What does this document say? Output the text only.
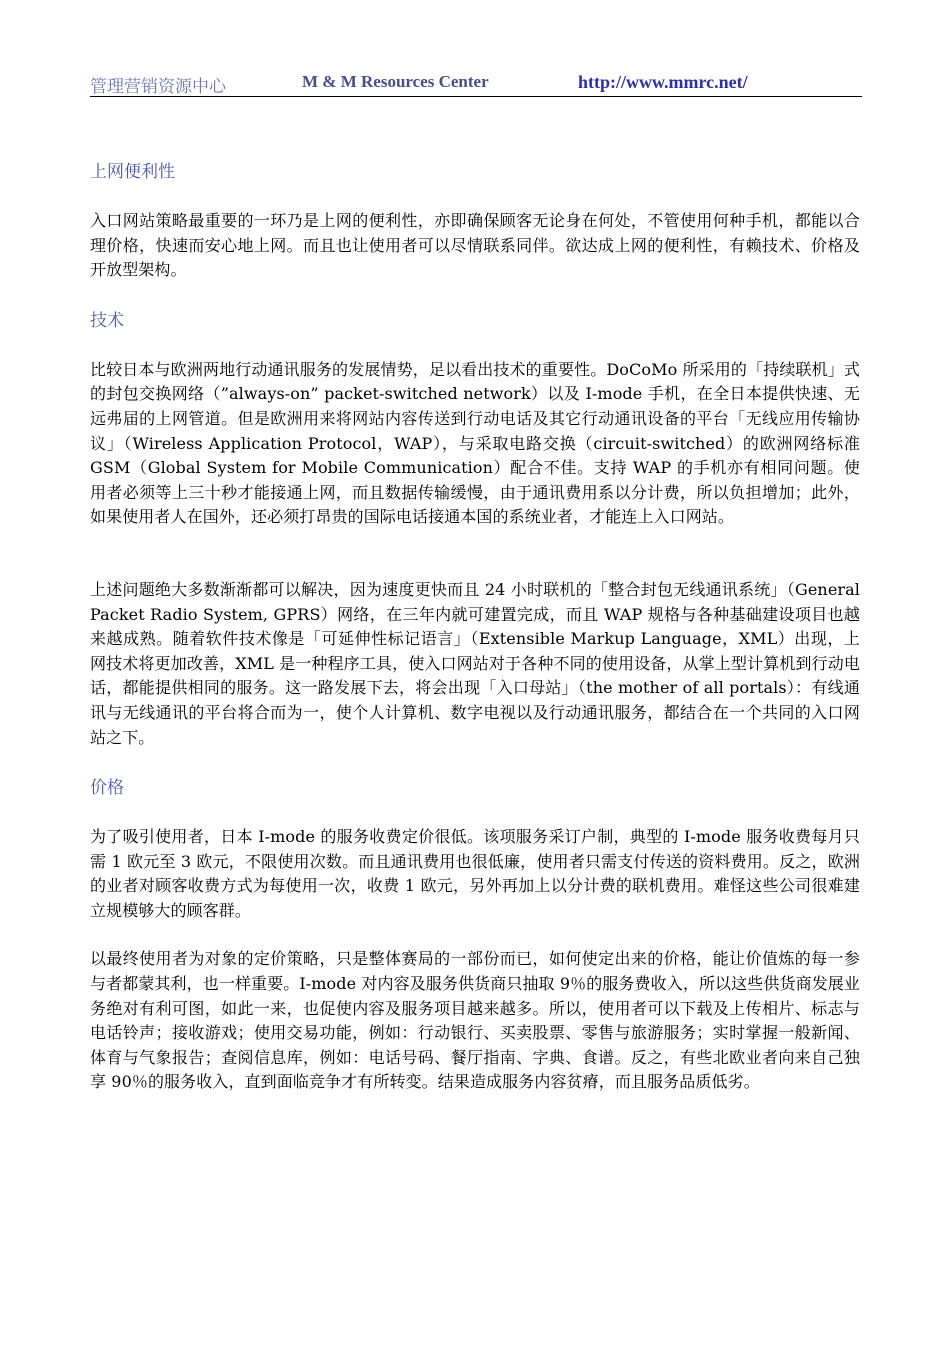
管理营销资源中心	M & M Resources Center	http://www.mmrc.net/
上网便利性

入口网站策略最重要的一环乃是上网的便利性，亦即确保顾客无论身在何处，不管使用何种手机，都能以合理价格，快速而安心地上网。而且也让使用者可以尽情联系同伴。欲达成上网的便利性，有赖技术、价格及开放型架构。

技术

比较日本与欧洲两地行动通讯服务的发展情势，足以看出技术的重要性。DoCoMo 所采用的「持续联机」式的封包交换网络（”always-on” packet-switched network）以及 I-mode 手机，在全日本提供快速、无远弗届的上网管道。但是欧洲用来将网站内容传送到行动电话及其它行动通讯设备的平台「无线应用传输协议」（Wireless Application Protocol，WAP），与采取电路交换（circuit-switched）的欧洲网络标准 GSM（Global System for Mobile Communication）配合不佳。支持 WAP 的手机亦有相同问题。使用者必须等上三十秒才能接通上网，而且数据传输缓慢，由于通讯费用系以分计费，所以负担增加；此外，如果使用者人在国外，还必须打昂贵的国际电话接通本国的系统业者，才能连上入口网站。

上述问题绝大多数渐渐都可以解决，因为速度更快而且 24 小时联机的「整合封包无线通讯系统」（General Packet Radio System, GPRS）网络，在三年内就可建置完成，而且 WAP 规格与各种基础建设项目也越来越成熟。随着软件技术像是「可延伸性标记语言」（Extensible Markup Language，XML）出现，上网技术将更加改善，XML 是一种程序工具，使入口网站对于各种不同的使用设备，从掌上型计算机到行动电话，都能提供相同的服务。这一路发展下去，将会出现「入口母站」（the mother of all portals）：有线通讯与无线通讯的平台将合而为一，使个人计算机、数字电视以及行动通讯服务，都结合在一个共同的入口网站之下。

价格

为了吸引使用者，日本 I-mode 的服务收费定价很低。该项服务采订户制，典型的 I-mode 服务收费每月只需 1 欧元至 3 欧元，不限使用次数。而且通讯费用也很低廉，使用者只需支付传送的资料费用。反之，欧洲的业者对顾客收费方式为每使用一次，收费 1 欧元，另外再加上以分计费的联机费用。难怪这些公司很难建立规模够大的顾客群。

以最终使用者为对象的定价策略，只是整体赛局的一部份而已，如何使定出来的价格，能让价值炼的每一参与者都蒙其利，也一样重要。I-mode 对内容及服务供货商只抽取 9％的服务费收入，所以这些供货商发展业务绝对有利可图，如此一来，也促使内容及服务项目越来越多。所以，使用者可以下载及上传相片、标志与电话铃声；接收游戏；使用交易功能，例如：行动银行、买卖股票、零售与旅游服务；实时掌握一般新闻、体育与气象报告；查阅信息库，例如：电话号码、餐厅指南、字典、食谱。反之，有些北欧业者向来自己独享 90％的服务收入，直到面临竞争才有所转变。结果造成服务内容贫瘠，而且服务品质低劣。
